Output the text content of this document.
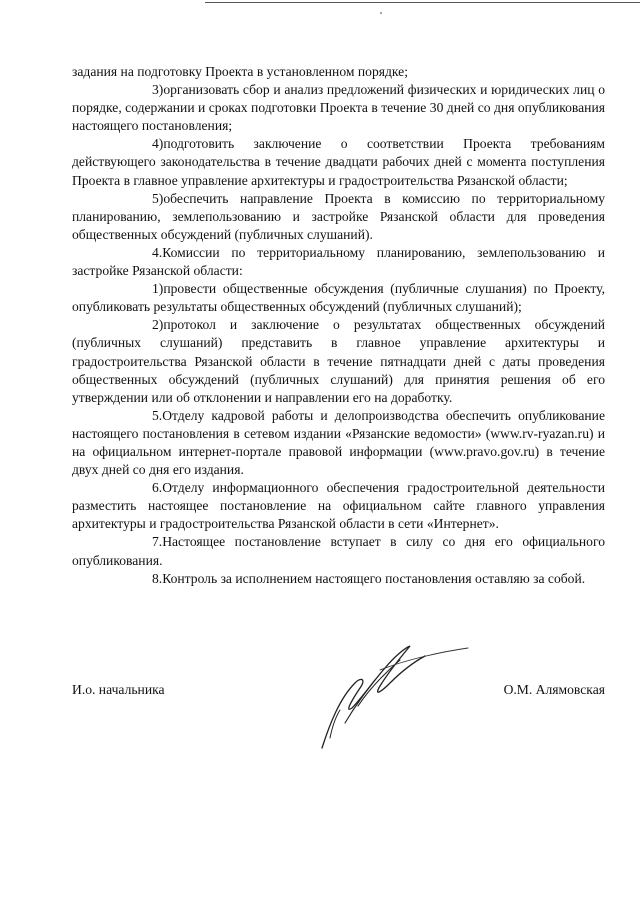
задания на подготовку Проекта в установленном порядке;

3)организовать сбор и анализ предложений физических и юридических лиц о порядке, содержании и сроках подготовки Проекта в течение 30 дней со дня опубликования настоящего постановления;

4)подготовить заключение о соответствии Проекта требованиям действующего законодательства в течение двадцати рабочих дней с момента поступления Проекта в главное управление архитектуры и градостроительства Рязанской области;

5)обеспечить направление Проекта в комиссию по территориальному планированию, землепользованию и застройке Рязанской области для проведения общественных обсуждений (публичных слушаний).

4.Комиссии по территориальному планированию, землепользованию и застройке Рязанской области:

1)провести общественные обсуждения (публичные слушания) по Проекту, опубликовать результаты общественных обсуждений (публичных слушаний);

2)протокол и заключение о результатах общественных обсуждений (публичных слушаний) представить в главное управление архитектуры и градостроительства Рязанской области в течение пятнадцати дней с даты проведения общественных обсуждений (публичных слушаний) для принятия решения об его утверждении или об отклонении и направлении его на доработку.

5.Отделу кадровой работы и делопроизводства обеспечить опубликование настоящего постановления в сетевом издании «Рязанские ведомости» (www.rv-ryazan.ru) и на официальном интернет-портале правовой информации (www.pravo.gov.ru) в течение двух дней со дня его издания.

6.Отделу информационного обеспечения градостроительной деятельности разместить настоящее постановление на официальном сайте главного управления архитектуры и градостроительства Рязанской области в сети «Интернет».

7.Настоящее постановление вступает в силу со дня его официального опубликования.

8.Контроль за исполнением настоящего постановления оставляю за собой.

И.о. начальника	О.М. Алямовская
